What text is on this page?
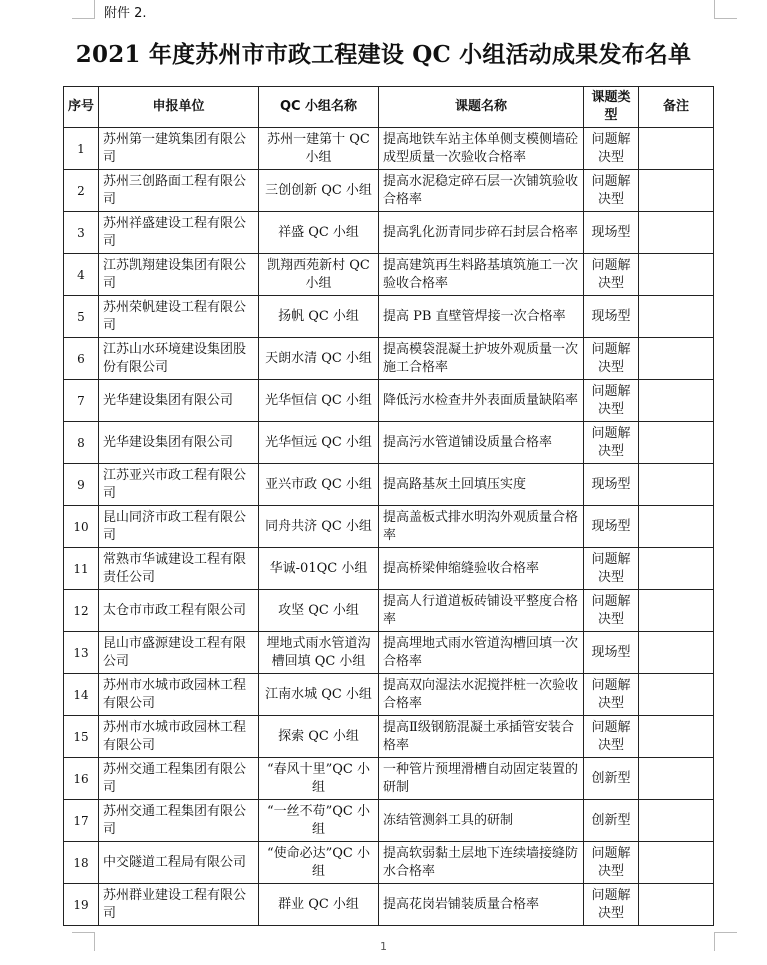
附件 2.
2021 年度苏州市市政工程建设 QC 小组活动成果发布名单
序号	申报单位	QC 小组名称	课题名称	课题类型	备注
1	苏州第一建筑集团有限公司	苏州一建第十 QC 小组	提高地铁车站主体单侧支模侧墙砼成型质量一次验收合格率	问题解决型	
2	苏州三创路面工程有限公司	三创创新 QC 小组	提高水泥稳定碎石层一次铺筑验收合格率	问题解决型	
3	苏州祥盛建设工程有限公司	祥盛 QC 小组	提高乳化沥青同步碎石封层合格率	现场型	
4	江苏凯翔建设集团有限公司	凯翔西苑新村 QC 小组	提高建筑再生料路基填筑施工一次验收合格率	问题解决型	
5	苏州荣帆建设工程有限公司	扬帆 QC 小组	提高 PB 直壁管焊接一次合格率	现场型	
6	江苏山水环境建设集团股份有限公司	天朗水清 QC 小组	提高模袋混凝土护坡外观质量一次施工合格率	问题解决型	
7	光华建设集团有限公司	光华恒信 QC 小组	降低污水检查井外表面质量缺陷率	问题解决型	
8	光华建设集团有限公司	光华恒远 QC 小组	提高污水管道铺设质量合格率	问题解决型	
9	江苏亚兴市政工程有限公司	亚兴市政 QC 小组	提高路基灰土回填压实度	现场型	
10	昆山同济市政工程有限公司	同舟共济 QC 小组	提高盖板式排水明沟外观质量合格率	现场型	
11	常熟市华诚建设工程有限责任公司	华诚-01QC 小组	提高桥梁伸缩缝验收合格率	问题解决型	
12	太仓市市政工程有限公司	攻坚 QC 小组	提高人行道道板砖铺设平整度合格率	问题解决型	
13	昆山市盛源建设工程有限公司	埋地式雨水管道沟槽回填 QC 小组	提高埋地式雨水管道沟槽回填一次合格率	现场型	
14	苏州市水城市政园林工程有限公司	江南水城 QC 小组	提高双向湿法水泥搅拌桩一次验收合格率	问题解决型	
15	苏州市水城市政园林工程有限公司	探索 QC 小组	提高Ⅱ级钢筋混凝土承插管安装合格率	问题解决型	
16	苏州交通工程集团有限公司	“春风十里”QC 小组	一种管片预埋滑槽自动固定装置的研制	创新型	
17	苏州交通工程集团有限公司	“一丝不苟”QC 小组	冻结管测斜工具的研制	创新型	
18	中交隧道工程局有限公司	“使命必达”QC 小组	提高软弱黏土层地下连续墙接缝防水合格率	问题解决型	
19	苏州群业建设工程有限公司	群业 QC 小组	提高花岗岩铺装质量合格率	问题解决型	
1
